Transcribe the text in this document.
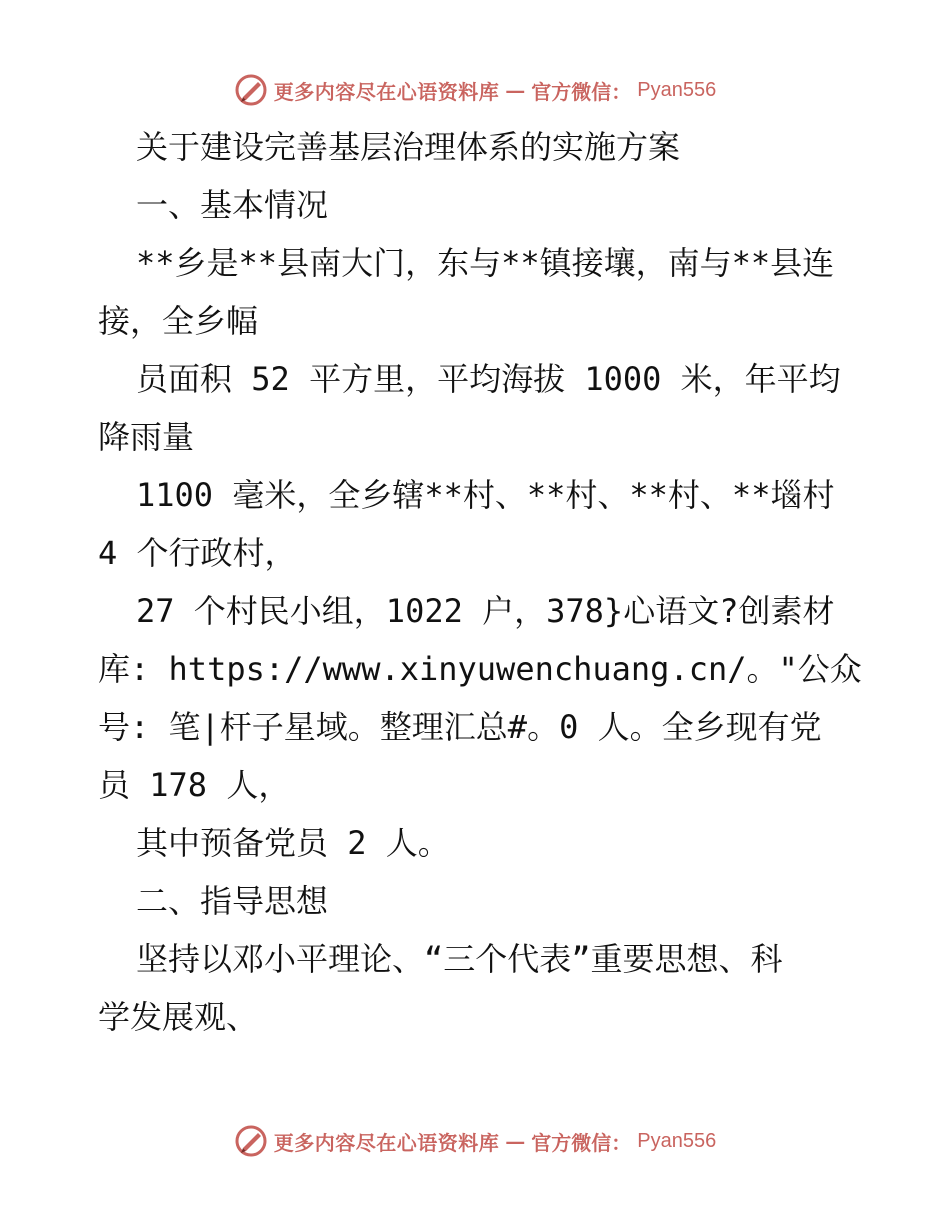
更多内容尽在心语资料库 — 官方微信： Pyan556
关于建设完善基层治理体系的实施方案
一、基本情况
**乡是**县南大门，东与**镇接壤，南与**县连
接，全乡幅
员面积 52 平方里，平均海拔 1000 米，年平均
降雨量
1100 毫米，全乡辖**村、**村、**村、**堖村
4 个行政村，
27 个村民小组，1022 户，378}心语文?创素材
库: https://www.xinyuwenchuang.cn/。"公众
号: 笔|杆子星域。整理汇总#。0 人。全乡现有党
员 178 人，
其中预备党员 2 人。
二、指导思想
坚持以邓小平理论、“三个代表”重要思想、科
学发展观、
更多内容尽在心语资料库 — 官方微信： Pyan556
